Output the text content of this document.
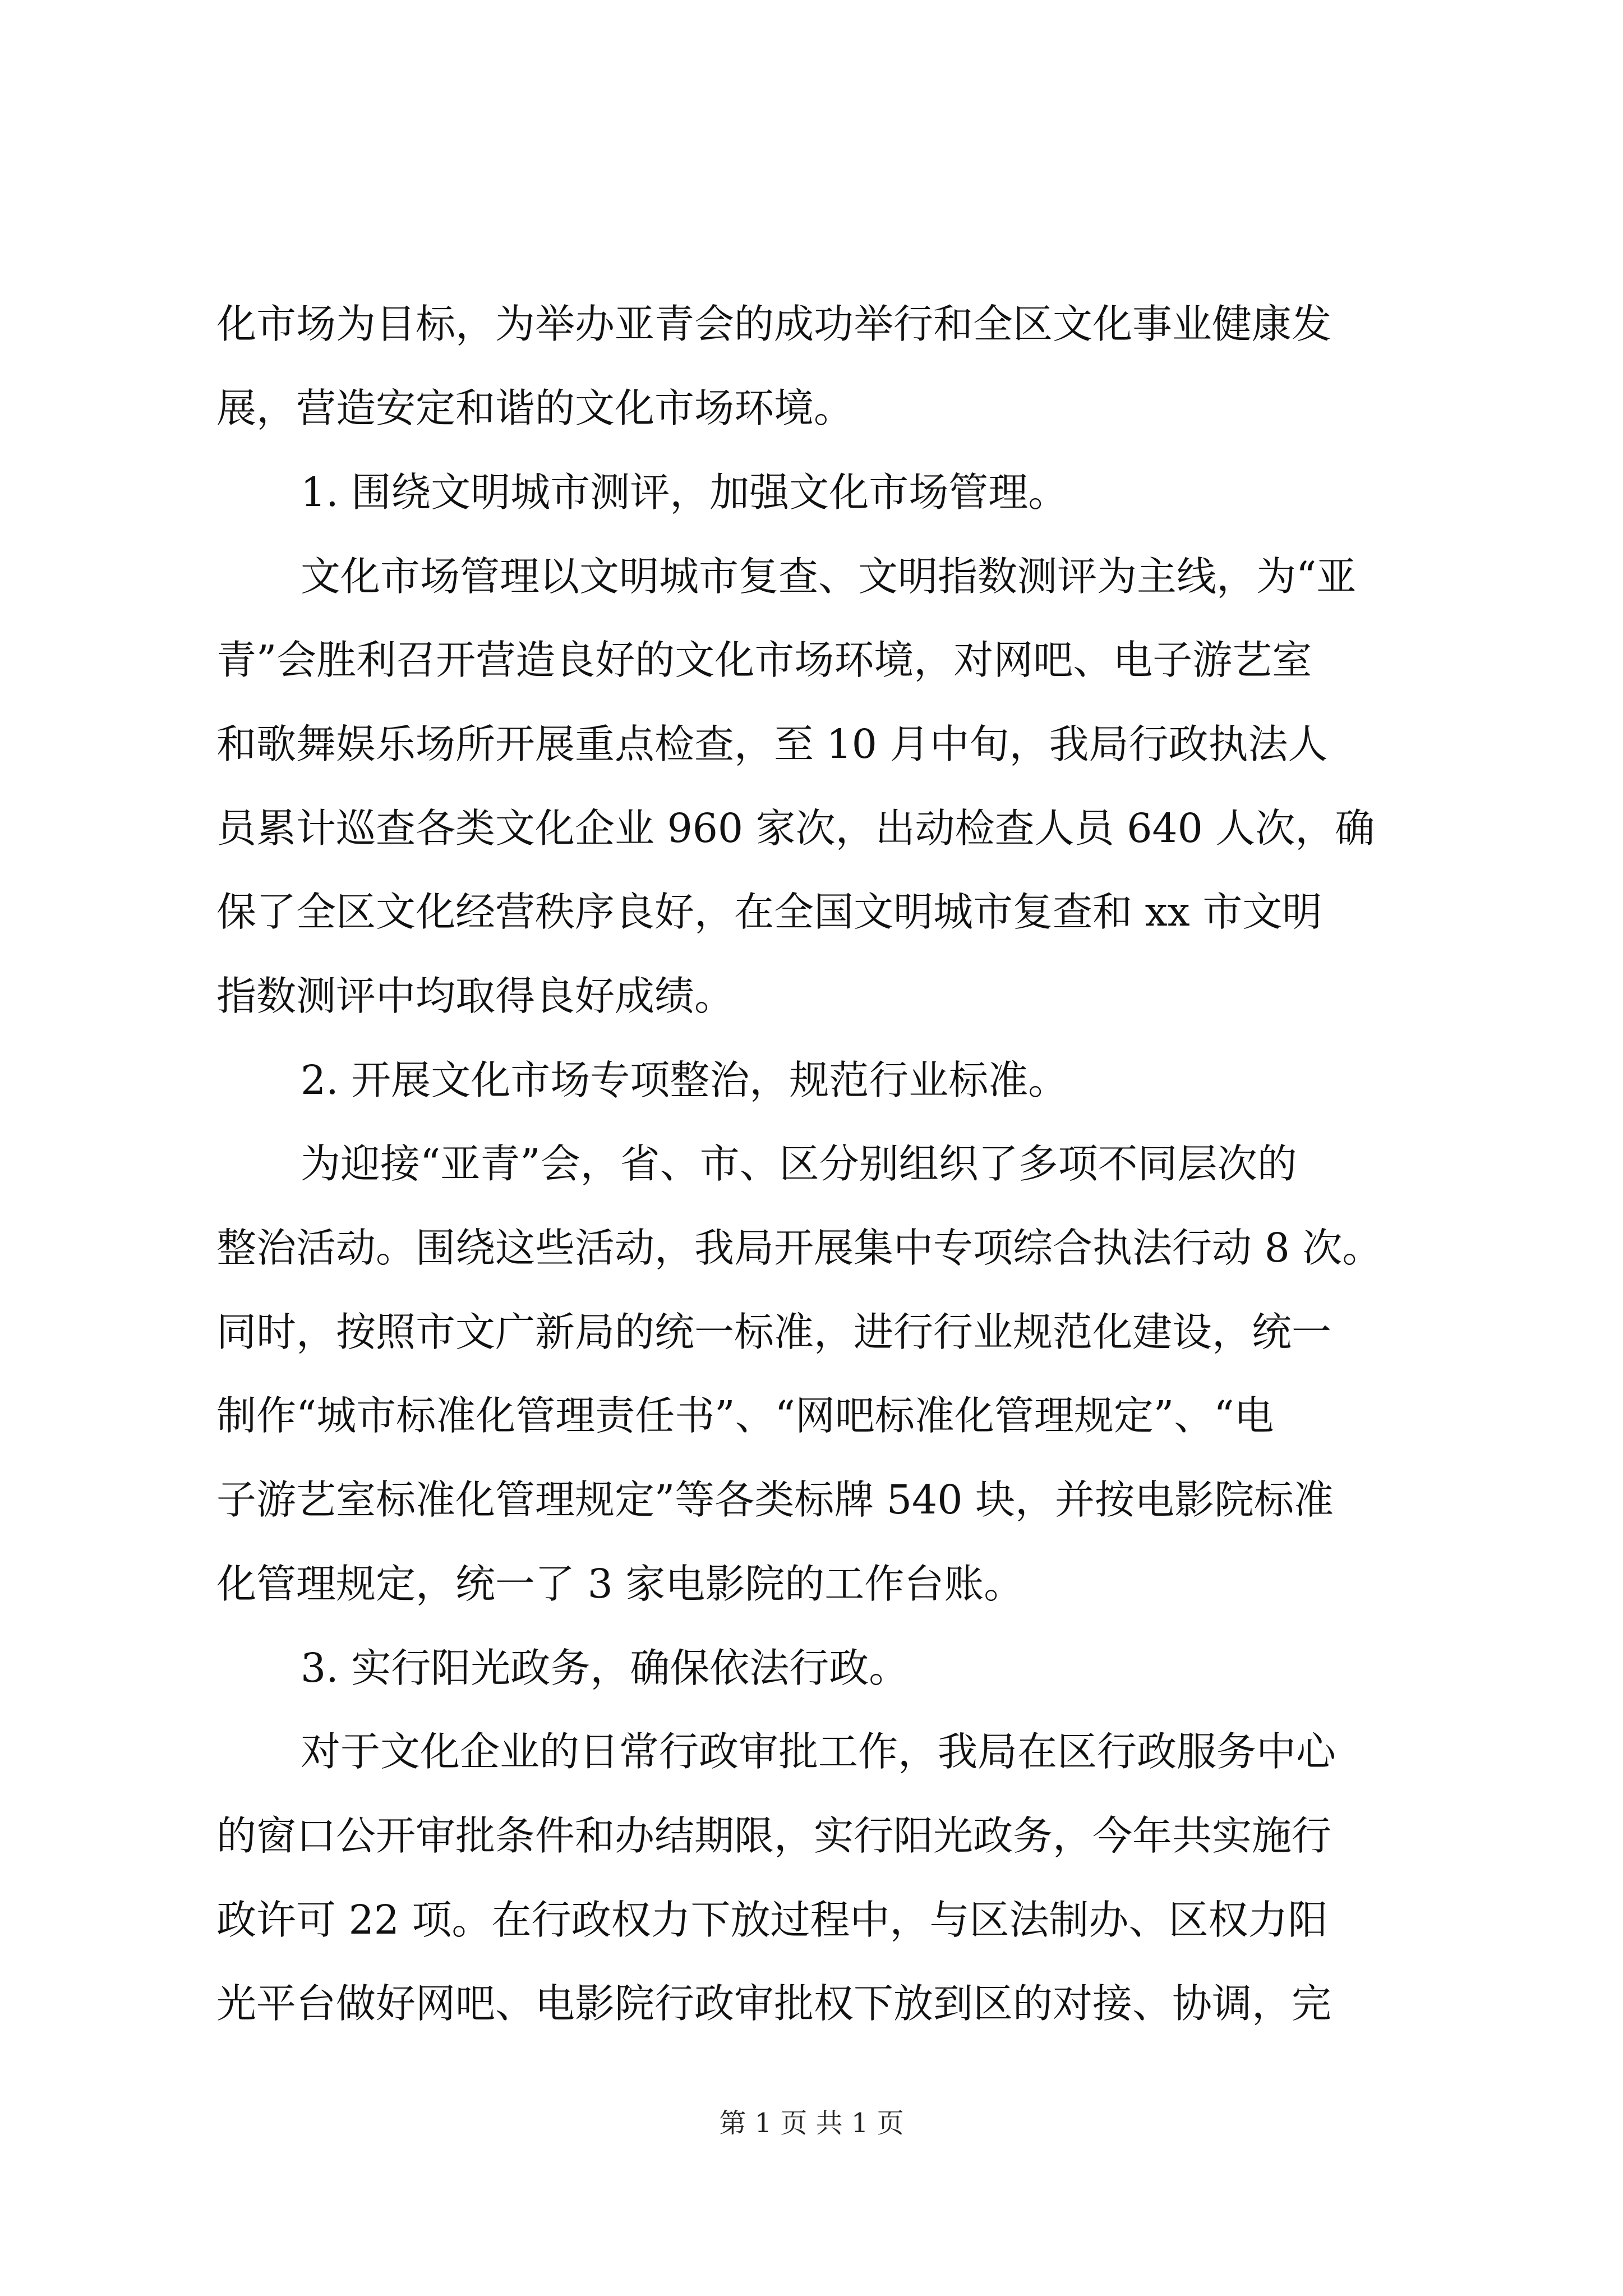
化市场为目标，为举办亚青会的成功举行和全区文化事业健康发
展，营造安定和谐的文化市场环境。
1. 围绕文明城市测评，加强文化市场管理。
文化市场管理以文明城市复查、文明指数测评为主线，为“亚
青”会胜利召开营造良好的文化市场环境，对网吧、电子游艺室
和歌舞娱乐场所开展重点检查，至 10 月中旬，我局行政执法人
员累计巡查各类文化企业 960 家次，出动检查人员 640 人次，确
保了全区文化经营秩序良好，在全国文明城市复查和 xx 市文明
指数测评中均取得良好成绩。
2. 开展文化市场专项整治，规范行业标准。
为迎接“亚青”会，省、市、区分别组织了多项不同层次的
整治活动。围绕这些活动，我局开展集中专项综合执法行动 8 次。
同时，按照市文广新局的统一标准，进行行业规范化建设，统一
制作“城市标准化管理责任书”、“网吧标准化管理规定”、“电
子游艺室标准化管理规定”等各类标牌 540 块，并按电影院标准
化管理规定，统一了 3 家电影院的工作台账。
3. 实行阳光政务，确保依法行政。
对于文化企业的日常行政审批工作，我局在区行政服务中心
的窗口公开审批条件和办结期限，实行阳光政务，今年共实施行
政许可 22 项。在行政权力下放过程中，与区法制办、区权力阳
光平台做好网吧、电影院行政审批权下放到区的对接、协调，完
第 1 页 共 1 页
